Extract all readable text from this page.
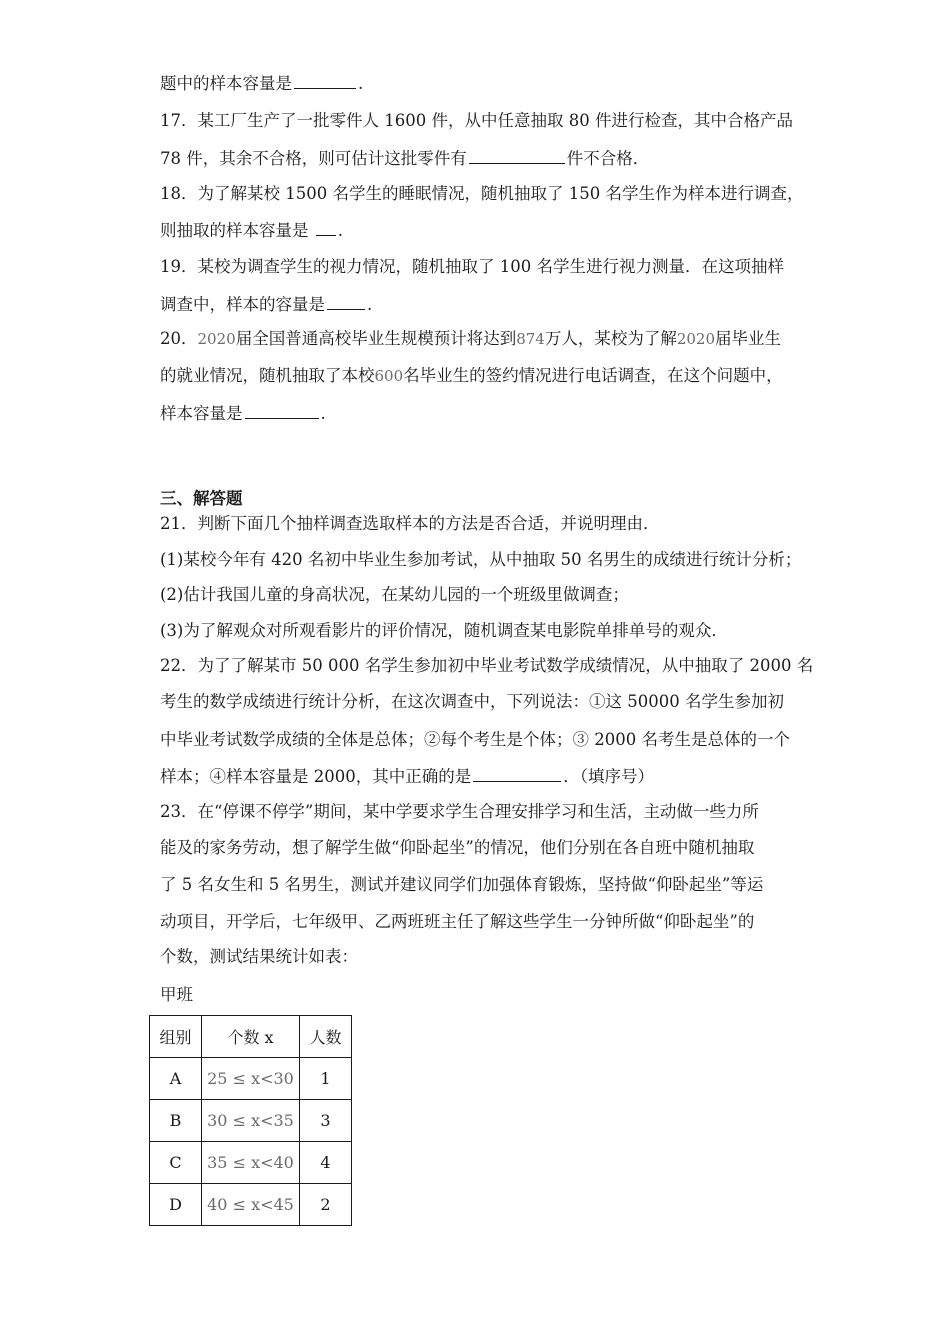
题中的样本容量是	.
17．某工厂生产了一批零件人 1600 件，从中任意抽取 80 件进行检查，其中合格产品
78 件，其余不合格，则可估计这批零件有	件不合格．
18．为了解某校 1500 名学生的睡眠情况，随机抽取了 150 名学生作为样本进行调查，
则抽取的样本容量是 .
19．某校为调查学生的视力情况，随机抽取了 100 名学生进行视力测量．在这项抽样
调查中，样本的容量是	.
20．2020届全国普通高校毕业生规模预计将达到874万人，某校为了解2020届毕业生
的就业情况，随机抽取了本校600名毕业生的签约情况进行电话调查，在这个问题中，
样本容量是	.
三、解答题
21．判断下面几个抽样调查选取样本的方法是否合适，并说明理由．
(1)某校今年有 420 名初中毕业生参加考试，从中抽取 50 名男生的成绩进行统计分析；
(2)估计我国儿童的身高状况，在某幼儿园的一个班级里做调查；
(3)为了解观众对所观看影片的评价情况，随机调查某电影院单排单号的观众．
22．为了了解某市 50 000 名学生参加初中毕业考试数学成绩情况，从中抽取了 2000 名
考生的数学成绩进行统计分析，在这次调查中，下列说法：①这 50000 名学生参加初
中毕业考试数学成绩的全体是总体；②每个考生是个体；③ 2000 名考生是总体的一个
样本；④样本容量是 2000，其中正确的是	．（填序号）
23．在“停课不停学”期间，某中学要求学生合理安排学习和生活，主动做一些力所
能及的家务劳动，想了解学生做“仰卧起坐”的情况，他们分别在各自班中随机抽取
了 5 名女生和 5 名男生，测试并建议同学们加强体育锻炼，坚持做“仰卧起坐”等运
动项目，开学后，七年级甲、乙两班班主任了解这些学生一分钟所做“仰卧起坐”的
个数，测试结果统计如表：
甲班
组别	个数 x	人数
A	25 ≤ x<30	1
B	30 ≤ x<35	3
C	35 ≤ x<40	4
D	40 ≤ x<45	2
